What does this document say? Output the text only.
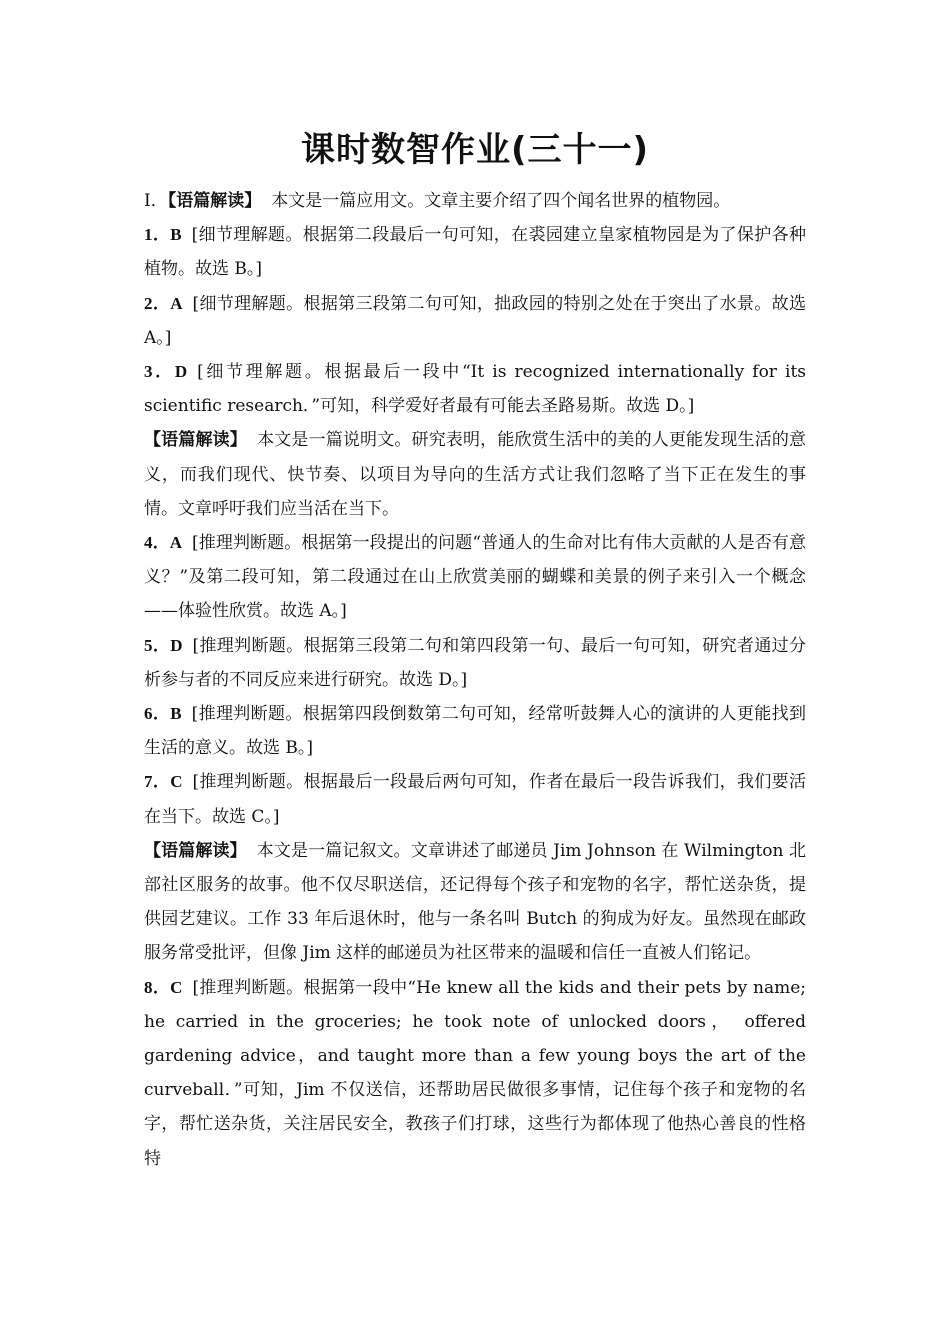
课时数智作业(三十一)

Ⅰ．【语篇解读】 本文是一篇应用文。文章主要介绍了四个闻名世界的植物园。

1．B [细节理解题。根据第二段最后一句可知，在裘园建立皇家植物园是为了保护各种植物。故选 B。]

2．A [细节理解题。根据第三段第二句可知，拙政园的特别之处在于突出了水景。故选 A。]

3．D [细节理解题。根据最后一段中“It is recognized internationally for its scientific research．”可知，科学爱好者最有可能去圣路易斯。故选 D。]

【语篇解读】 本文是一篇说明文。研究表明，能欣赏生活中的美的人更能发现生活的意义，而我们现代、快节奏、以项目为导向的生活方式让我们忽略了当下正在发生的事情。文章呼吁我们应当活在当下。

4．A [推理判断题。根据第一段提出的问题“普通人的生命对比有伟大贡献的人是否有意义？”及第二段可知，第二段通过在山上欣赏美丽的蝴蝶和美景的例子来引入一个概念——体验性欣赏。故选 A。]

5．D [推理判断题。根据第三段第二句和第四段第一句、最后一句可知，研究者通过分析参与者的不同反应来进行研究。故选 D。]

6．B [推理判断题。根据第四段倒数第二句可知，经常听鼓舞人心的演讲的人更能找到生活的意义。故选 B。]

7．C [推理判断题。根据最后一段最后两句可知，作者在最后一段告诉我们，我们要活在当下。故选 C。]

【语篇解读】 本文是一篇记叙文。文章讲述了邮递员 Jim Johnson 在 Wilmington 北部社区服务的故事。他不仅尽职送信，还记得每个孩子和宠物的名字，帮忙送杂货，提供园艺建议。工作 33 年后退休时，他与一条名叫 Butch 的狗成为好友。虽然现在邮政服务常受批评，但像 Jim 这样的邮递员为社区带来的温暖和信任一直被人们铭记。

8．C [推理判断题。根据第一段中“He knew all the kids and their pets by name; he carried in the groceries; he took note of unlocked doors， offered gardening advice，and taught more than a few young boys the art of the curveball．”可知，Jim 不仅送信，还帮助居民做很多事情，记住每个孩子和宠物的名字，帮忙送杂货，关注居民安全，教孩子们打球，这些行为都体现了他热心善良的性格特
